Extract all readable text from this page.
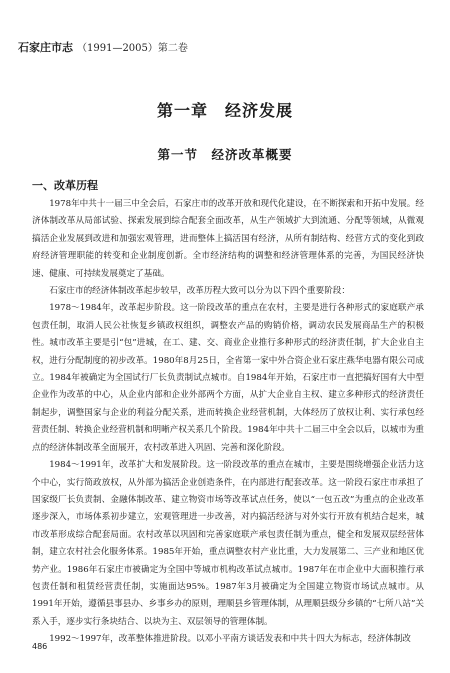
石家庄市志 （1991—2005）第二卷
第一章　经济发展
第一节　经济改革概要
一、改革历程

1978年中共十一届三中全会后，石家庄市的改革开放和现代化建设，在不断探索和开拓中发展。经济体制改革从局部试验、探索发展到综合配套全面改革，从生产领域扩大到流通、分配等领域，从微观搞活企业发展到改进和加强宏观管理，进而整体上搞活国有经济，从所有制结构、经营方式的变化到政府经济管理职能的转变和企业制度创新。全市经济结构的调整和经济管理体系的完善，为国民经济快速、健康、可持续发展奠定了基础。

石家庄市的经济体制改革起步较早，改革历程大致可以分为以下四个重要阶段：

1978～1984年，改革起步阶段。这一阶段改革的重点在农村，主要是进行各种形式的家庭联产承包责任制，取消人民公社恢复乡镇政权组织，调整农产品的购销价格，调动农民发展商品生产的积极性。城市改革主要是引“包”进城，在工、建、交、商业企业推行多种形式的经济责任制，扩大企业自主权，进行分配制度的初步改革。1980年8月25日，全省第一家中外合资企业石家庄燕华电器有限公司成立。1984年被确定为全国试行厂长负责制试点城市。自1984年开始，石家庄市一直把搞好国有大中型企业作为改革的中心，从企业内部和企业外部两个方面，从扩大企业自主权、建立多种形式的经济责任制起步，调整国家与企业的利益分配关系，进而转换企业经营机制，大体经历了放权让利、实行承包经营责任制、转换企业经营机制和明晰产权关系几个阶段。1984年中共十二届三中全会以后，以城市为重点的经济体制改革全面展开，农村改革进入巩固、完善和深化阶段。

1984～1991年，改革扩大和发展阶段。这一阶段改革的重点在城市，主要是围绕增强企业活力这个中心，实行简政放权，从外部为搞活企业创造条件，在内部进行配套改革。这一阶段石家庄市承担了国家级厂长负责制、金融体制改革、建立物资市场等改革试点任务，使以“一包五改”为重点的企业改革逐步深入，市场体系初步建立，宏观管理进一步改善，对内搞活经济与对外实行开放有机结合起来，城市改革形成综合配套局面。农村改革以巩固和完善家庭联产承包责任制为重点，健全和发展双层经营体制，建立农村社会化服务体系。1985年开始，重点调整农村产业比重，大力发展第二、三产业和地区优势产业。1986年石家庄市被确定为全国中等城市机构改革试点城市。1987年在市企业中大面积推行承包责任制和租赁经营责任制，实施面达95%。1987年3月被确定为全国建立物资市场试点城市。从1991年开始，遵循县事县办、乡事乡办的原则，理顺县乡管理体制，从理顺县级分乡镇的“七所八站”关系入手，逐步实行条块结合、以块为主、双层领导的管理体制。

1992～1997年，改革整体推进阶段。以邓小平南方谈话发表和中共十四大为标志，经济体制改

486
